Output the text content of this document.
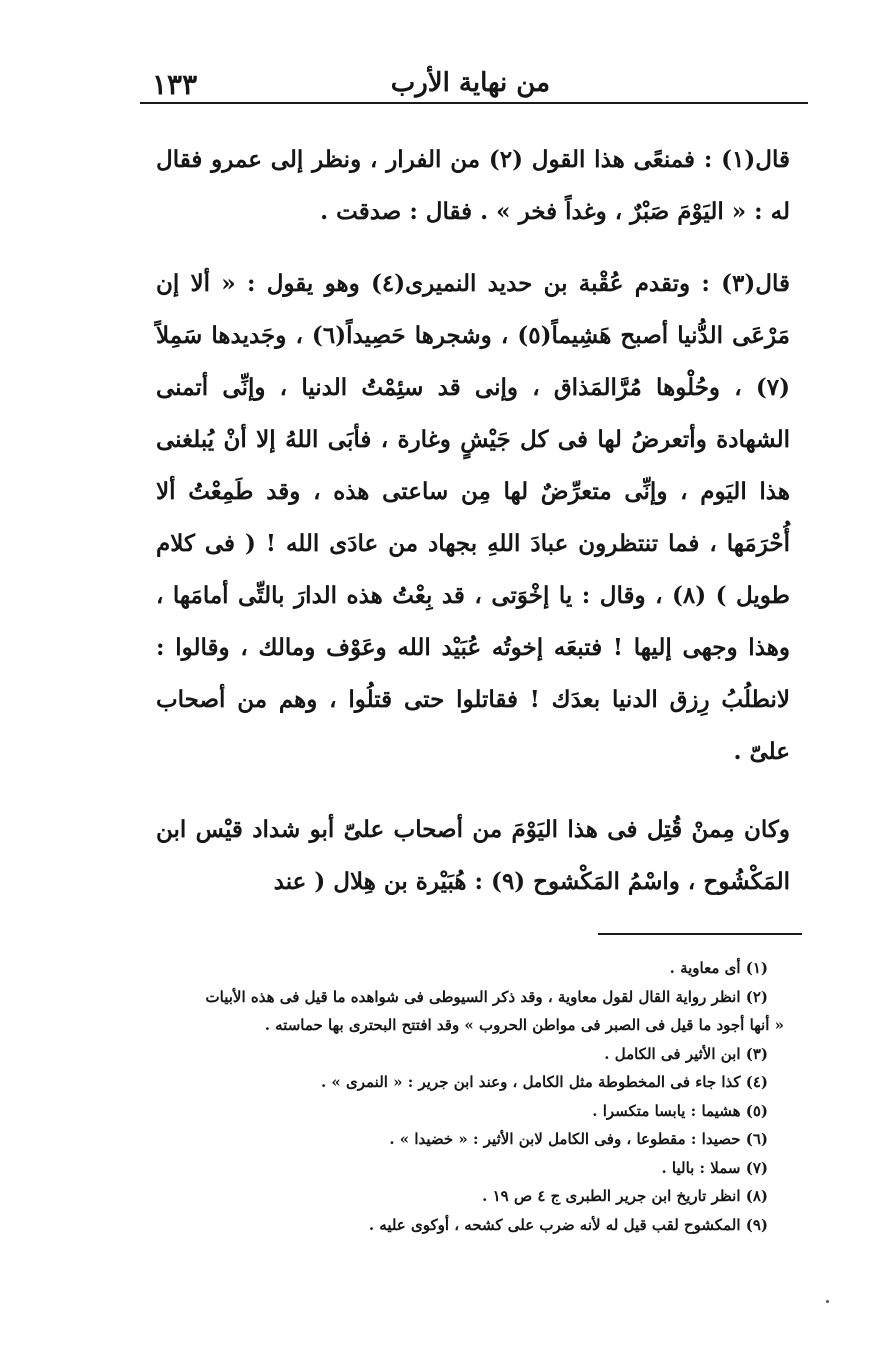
١٣٣	من نهاية الأرب

قال(١) : فمنعًى هذا القول (٢) من الفرار ، ونظر إلى عمرو فقال له : « اليَوْمَ صَبْرٌ ، وغداً فخر » . فقال : صدقت .

قال(٣) : وتقدم عُقْبة بن حديد النميرى(٤) وهو يقول : « ألا إن مَرْعَى الدُّنيا أصبح هَشِيماً(٥) ، وشجرها حَصِيداً(٦) ، وجَديدها سَمِلاً (٧) ، وحُلْوها مُرَّالمَذاق ، وإنى قد سئِمْتُ الدنيا ، وإنِّى أتمنى الشهادة وأتعرضُ لها فى كل جَيْشٍ وغارة ، فأبَى اللهُ إلا أنْ يُبلغنى هذا اليَوم ، وإنِّى متعرِّضٌ لها مِن ساعتى هذه ، وقد طَمِعْتُ ألا أُحْرَمَها ، فما تنتظرون عبادَ اللهِ بجهاد من عادَى الله ! ( فى كلام طويل ) (٨) ، وقال : يا إخْوَتى ، قد بِعْتُ هذه الدارَ بالتِّى أمامَها ، وهذا وجهى إليها ! فتبعَه إخوتُه عُبَيْد الله وعَوْف ومالك ، وقالوا : لانطلُبُ رِزق الدنيا بعدَك ! فقاتلوا حتى قتلُوا ، وهم من أصحاب علىّ .

وكان مِمنْ قُتِل فى هذا اليَوْمَ من أصحاب علىّ أبو شداد قيْس ابن المَكْشُوح ، واسْمُ المَكْشوح (٩) : هُبَيْرة بن هِلال ( عند

(١) أى معاوية .

(٢) انظر رواية القال لقول معاوية ، وقد ذكر السيوطى فى شواهده ما قيل فى هذه الأبيات

« أنها أجود ما قيل فى الصبر فى مواطن الحروب » وقد افتتح البحترى بها حماسته .

(٣) ابن الأثير فى الكامل .

(٤) كذا جاء فى المخطوطة مثل الكامل ، وعند ابن جرير : « النمرى » .

(٥) هشيما : يابسا متكسرا .

(٦) حصيدا : مقطوعا ، وفى الكامل لابن الأثير : « خضيدا » .

(٧) سملا : باليا .

(٨) انظر تاريخ ابن جرير الطبرى ج ٤ ص ١٩ .

(٩) المكشوح لقب قيل له لأنه ضرب على كشحه ، أوكوى عليه .
